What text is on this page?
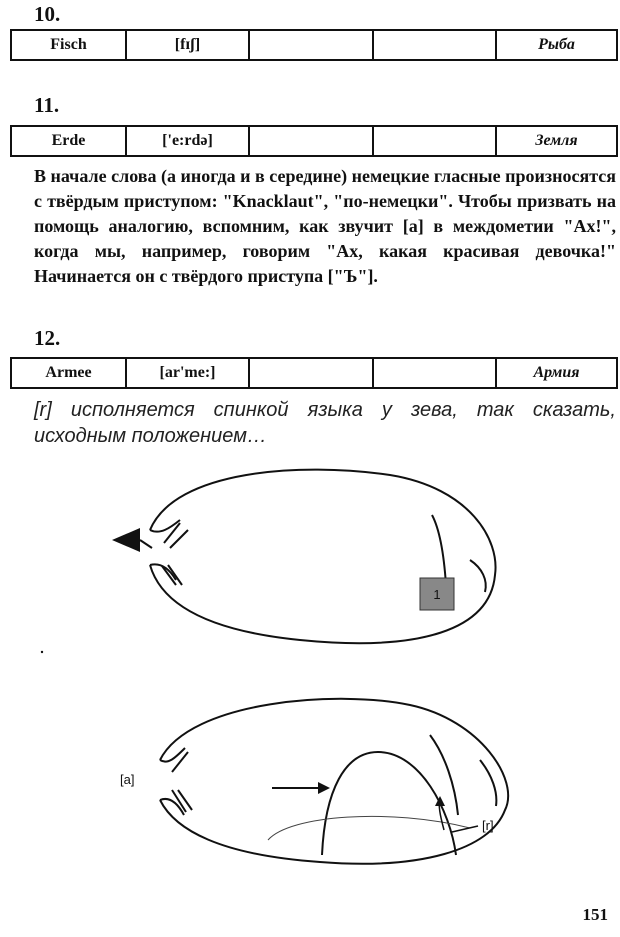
10.
Fisch	[fɪʃ]	Рыба
11.
Erde	['e:rdə]	Земля
В начале слова (а иногда и в середине) немецкие гласные произносятся с твёрдым приступом: "Knacklaut", "по-немецки". Чтобы призвать на помощь аналогию, вспомним, как звучит [а] в междометии "Ах!", когда мы, например, говорим "Ах, какая красивая девочка!" Начинается он с твёрдого приступа ["Ъ"].
12.
Armee	[ar'me:]	Армия
[r] исполняется спинкой языка у зева, так сказать, исходным положением…
1
[a]
[r]
151
